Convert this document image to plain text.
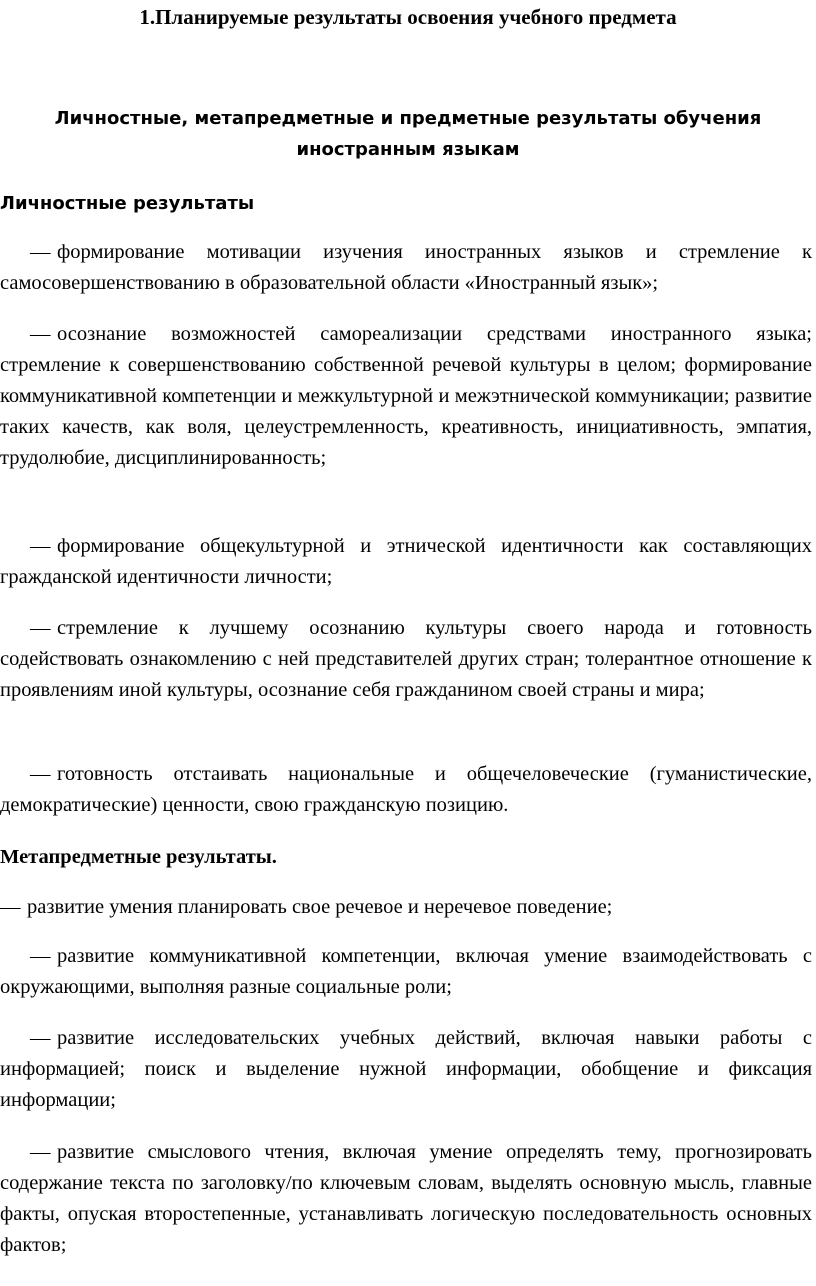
1.Планируемые результаты освоения учебного предмета
Личностные, метапредметные и предметные результаты обучения
иностранным языкам
Личностные результаты

— формирование мотивации изучения иностранных языков и стремление к самосовершенствованию в образовательной области «Иностранный язык»;

— осознание возможностей самореализации средствами иностранного языка; стремление к совершенствованию собственной речевой культуры в целом; формирование коммуникативной компетенции и межкультурной и межэтнической коммуникации; развитие таких качеств, как воля, целеустремленность, креативность, инициативность, эмпатия, трудолюбие, дисциплинированность;

— формирование общекультурной и этнической идентичности как составляющих гражданской идентичности личности;

— стремление к лучшему осознанию культуры своего народа и готовность содействовать ознакомлению с ней представителей других стран; толерантное отношение к проявлениям иной культуры, осознание себя гражданином своей страны и мира;

— готовность отстаивать национальные и общечеловеческие (гуманистические, демократические) ценности, свою гражданскую позицию.

Метапредметные результаты.

— развитие умения планировать свое речевое и неречевое поведение;

— развитие коммуникативной компетенции, включая умение взаимодействовать с окружающими, выполняя разные социальные роли;

— развитие исследовательских учебных действий, включая навыки работы с информацией; поиск и выделение нужной информации, обобщение и фиксация информации;

— развитие смыслового чтения, включая умение определять тему, прогнозировать содержание текста по заголовку/по ключевым словам, выделять основную мысль, главные факты, опуская второстепенные, устанавливать логическую последовательность основных фактов;
